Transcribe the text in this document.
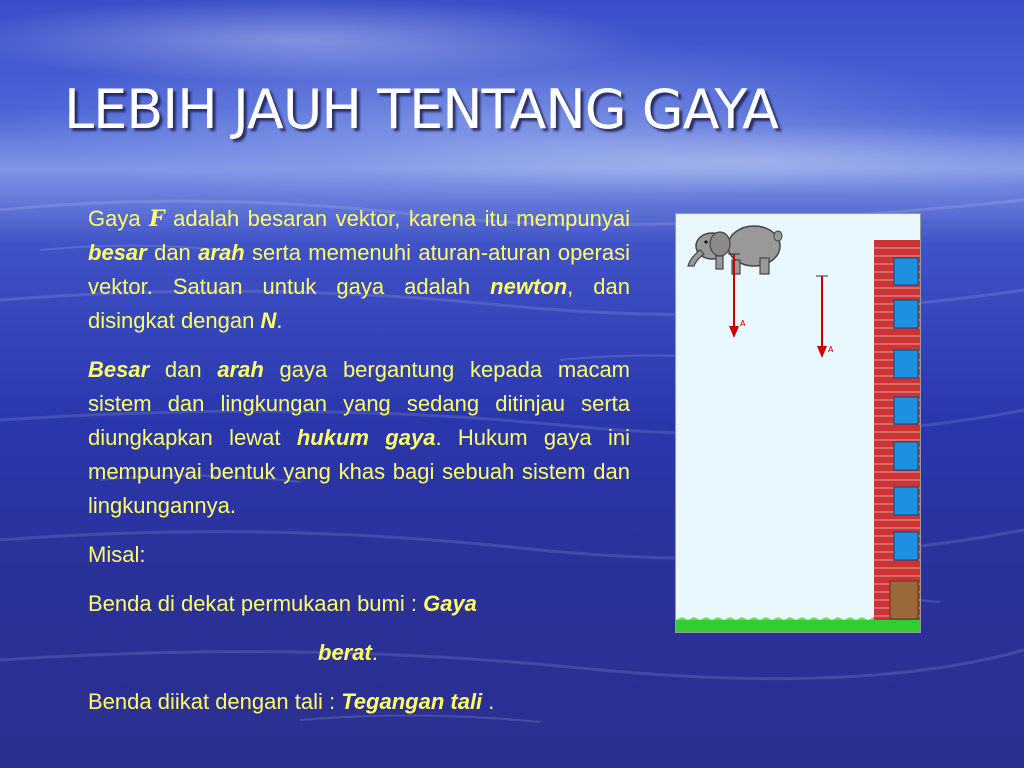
LEBIH JAUH TENTANG GAYA

Gaya F adalah besaran vektor, karena itu mempunyai besar dan arah serta memenuhi aturan-aturan operasi vektor. Satuan untuk gaya adalah newton, dan disingkat dengan N.

Besar dan arah gaya bergantung kepada macam sistem dan lingkungan yang sedang ditinjau serta diungkapkan lewat hukum gaya. Hukum gaya ini mempunyai bentuk yang khas bagi sebuah sistem dan lingkungannya.

Misal:

Benda di dekat permukaan bumi : Gaya

berat.

Benda diikat dengan tali : Tegangan tali .

A
A
